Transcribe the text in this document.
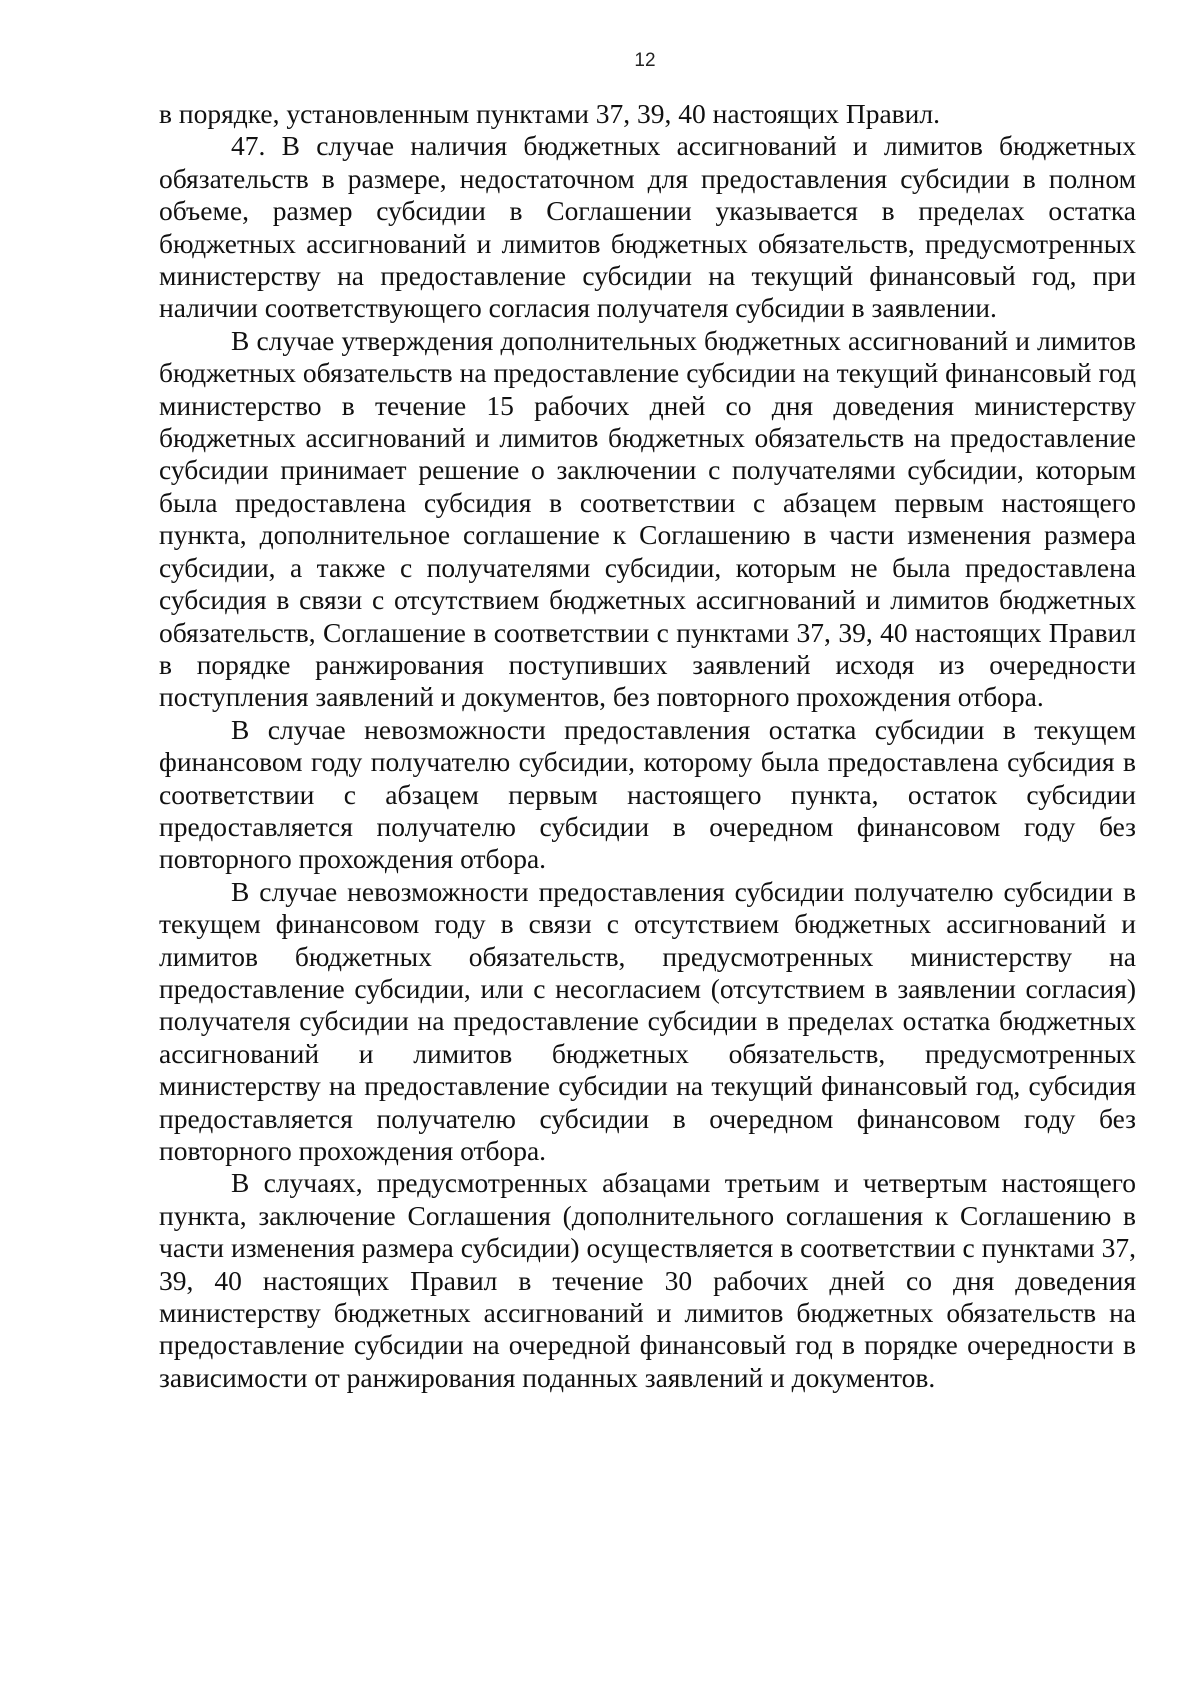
12

в порядке, установленным пунктами 37, 39, 40 настоящих Правил.

47. В случае наличия бюджетных ассигнований и лимитов бюджетных обязательств в размере, недостаточном для предоставления субсидии в полном объеме, размер субсидии в Соглашении указывается в пределах остатка бюджетных ассигнований и лимитов бюджетных обязательств, предусмотренных министерству на предоставление субсидии на текущий финансовый год, при наличии соответствующего согласия получателя субсидии в заявлении.

В случае утверждения дополнительных бюджетных ассигнований и лимитов бюджетных обязательств на предоставление субсидии на текущий финансовый год министерство в течение 15 рабочих дней со дня доведения министерству бюджетных ассигнований и лимитов бюджетных обязательств на предоставление субсидии принимает решение о заключении с получателями субсидии, которым была предоставлена субсидия в соответствии с абзацем первым настоящего пункта, дополнительное соглашение к Соглашению в части изменения размера субсидии, а также с получателями субсидии, которым не была предоставлена субсидия в связи с отсутствием бюджетных ассигнований и лимитов бюджетных обязательств, Соглашение в соответствии с пунктами 37, 39, 40 настоящих Правил в порядке ранжирования поступивших заявлений исходя из очередности поступления заявлений и документов, без повторного прохождения отбора.

В случае невозможности предоставления остатка субсидии в текущем финансовом году получателю субсидии, которому была предоставлена субсидия в соответствии с абзацем первым настоящего пункта, остаток субсидии предоставляется получателю субсидии в очередном финансовом году без повторного прохождения отбора.

В случае невозможности предоставления субсидии получателю субсидии в текущем финансовом году в связи с отсутствием бюджетных ассигнований и лимитов бюджетных обязательств, предусмотренных министерству на предоставление субсидии, или с несогласием (отсутствием в заявлении согласия) получателя субсидии на предоставление субсидии в пределах остатка бюджетных ассигнований и лимитов бюджетных обязательств, предусмотренных министерству на предоставление субсидии на текущий финансовый год, субсидия предоставляется получателю субсидии в очередном финансовом году без повторного прохождения отбора.

В случаях, предусмотренных абзацами третьим и четвертым настоящего пункта, заключение Соглашения (дополнительного соглашения к Соглашению в части изменения размера субсидии) осуществляется в соответствии с пунктами 37, 39, 40 настоящих Правил в течение 30 рабочих дней со дня доведения министерству бюджетных ассигнований и лимитов бюджетных обязательств на предоставление субсидии на очередной финансовый год в порядке очередности в зависимости от ранжирования поданных заявлений и документов.
